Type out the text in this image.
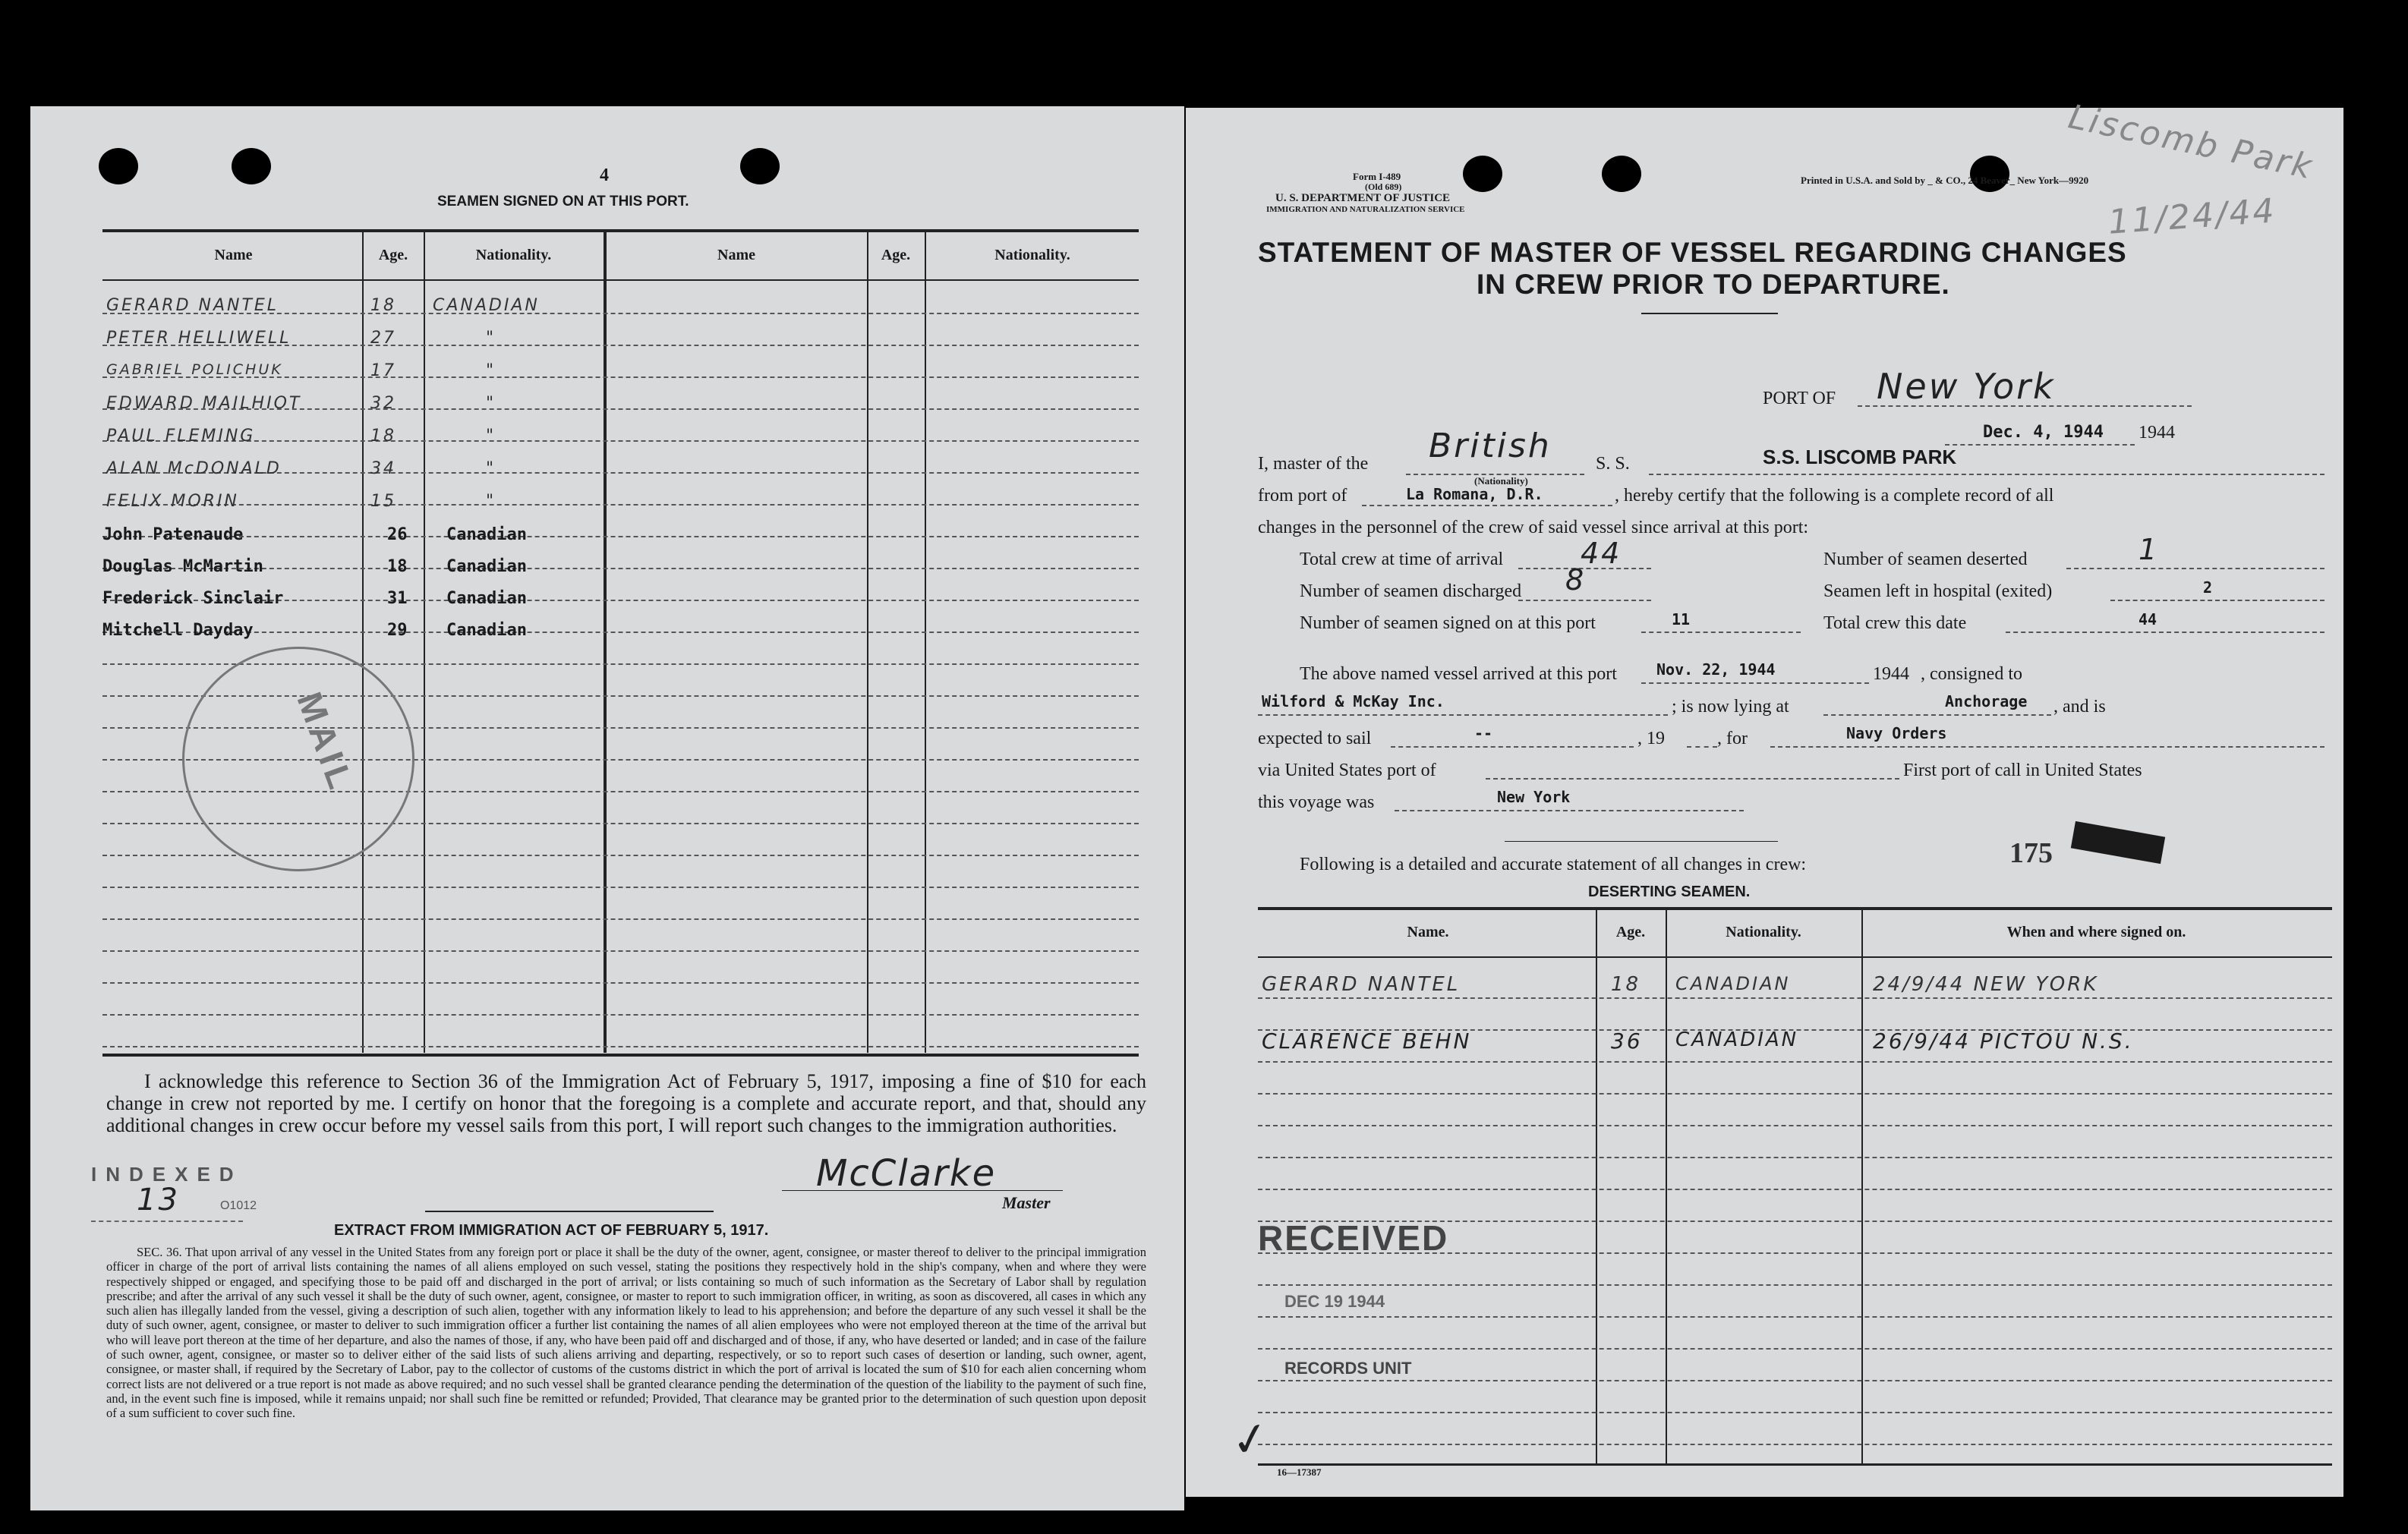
4
SEAMEN SIGNED ON AT THIS PORT.
Name	Age.	Nationality.	Name	Age.	Nationality.
GERARD NANTEL	18 CANADIAN
PETER HELLIWELL	27	"
GABRIEL POLICHUK	17	"
EDWARD MAILHIOT	32	"
PAUL FLEMING	18	"
ALAN McDONALD	34	"
FELIX MORIN	15	"
John Patenaude	26 Canadian
Douglas McMartin	18 Canadian
Frederick Sinclair	31 Canadian
Mitchell Dayday	29 Canadian
MAIL
I acknowledge this reference to Section 36 of the Immigration Act of February 5, 1917, imposing a fine of $10 for each change in crew not reported by me. I certify on honor that the foregoing is a complete and accurate report, and that, should any additional changes in crew occur before my vessel sails from this port, I will report such changes to the immigration authorities.
INDEXED
13	O1012
McClarke
Master
EXTRACT FROM IMMIGRATION ACT OF FEBRUARY 5, 1917.
SEC. 36. That upon arrival of any vessel in the United States from any foreign port or place it shall be the duty of the owner, agent, consignee, or master thereof to deliver to the principal immigration officer in charge of the port of arrival lists containing the names of all aliens employed on such vessel, stating the positions they respectively hold in the ship's company, when and where they were respectively shipped or engaged, and specifying those to be paid off and discharged in the port of arrival; or lists containing so much of such information as the Secretary of Labor shall by regulation prescribe; and after the arrival of any such vessel it shall be the duty of such owner, agent, consignee, or master to report to such immigration officer, in writing, as soon as discovered, all cases in which any such alien has illegally landed from the vessel, giving a description of such alien, together with any information likely to lead to his apprehension; and before the departure of any such vessel it shall be the duty of such owner, agent, consignee, or master to deliver to such immigration officer a further list containing the names of all alien employees who were not employed thereon at the time of the arrival but who will leave port thereon at the time of her departure, and also the names of those, if any, who have been paid off and discharged and of those, if any, who have deserted or landed; and in case of the failure of such owner, agent, consignee, or master so to deliver either of the said lists of such aliens arriving and departing, respectively, or so to report such cases of desertion or landing, such owner, agent, consignee, or master shall, if required by the Secretary of Labor, pay to the collector of customs of the customs district in which the port of arrival is located the sum of $10 for each alien concerning whom correct lists are not delivered or a true report is not made as above required; and no such vessel shall be granted clearance pending the determination of the question of the liability to the payment of such fine, and, in the event such fine is imposed, while it remains unpaid; nor shall such fine be remitted or refunded; Provided, That clearance may be granted prior to the determination of such question upon deposit of a sum sufficient to cover such fine.
Form I-489
(Old 689)
U. S. DEPARTMENT OF JUSTICE
IMMIGRATION AND NATURALIZATION SERVICE
Printed in U.S.A. and Sold by _ & CO., 24 Beaver_ New York—9920
Liscomb Park
11/24/44
STATEMENT OF MASTER OF VESSEL REGARDING CHANGES
IN CREW PRIOR TO DEPARTURE.
PORT OF New York
Dec. 4, 1944 1944
I, master of the British
(Nationality)
S. S.	S.S. LISCOMB PARK
from port of	La Romana, D.R.	, hereby certify that the following is a complete record of all
changes in the personnel of the crew of said vessel since arrival at this port:
Total crew at time of arrival	44
Number of seamen discharged 8
Number of seamen signed on at this port	11
Number of seamen deserted	1
Seamen left in hospital (exited)	2
Total crew this date	44
The above named vessel arrived at this port	Nov. 22, 1944	1944 , consigned to
Wilford & McKay Inc.	; is now lying at	Anchorage , and is
expected to sail	--	, 19	, for	Navy Orders
via United States port of	First port of call in United States
this voyage was	New York
Following is a detailed and accurate statement of all changes in crew:	175
DESERTING SEAMEN.
Name.	Age.	Nationality.	When and where signed on.
GERARD NANTEL	18 CANADIAN	24/9/44 NEW YORK
CLARENCE BEHN	36 CANADIAN	26/9/44 PICTOU N.S.
RECEIVED
DEC 19 1944
RECORDS UNIT
✓
16—17387
